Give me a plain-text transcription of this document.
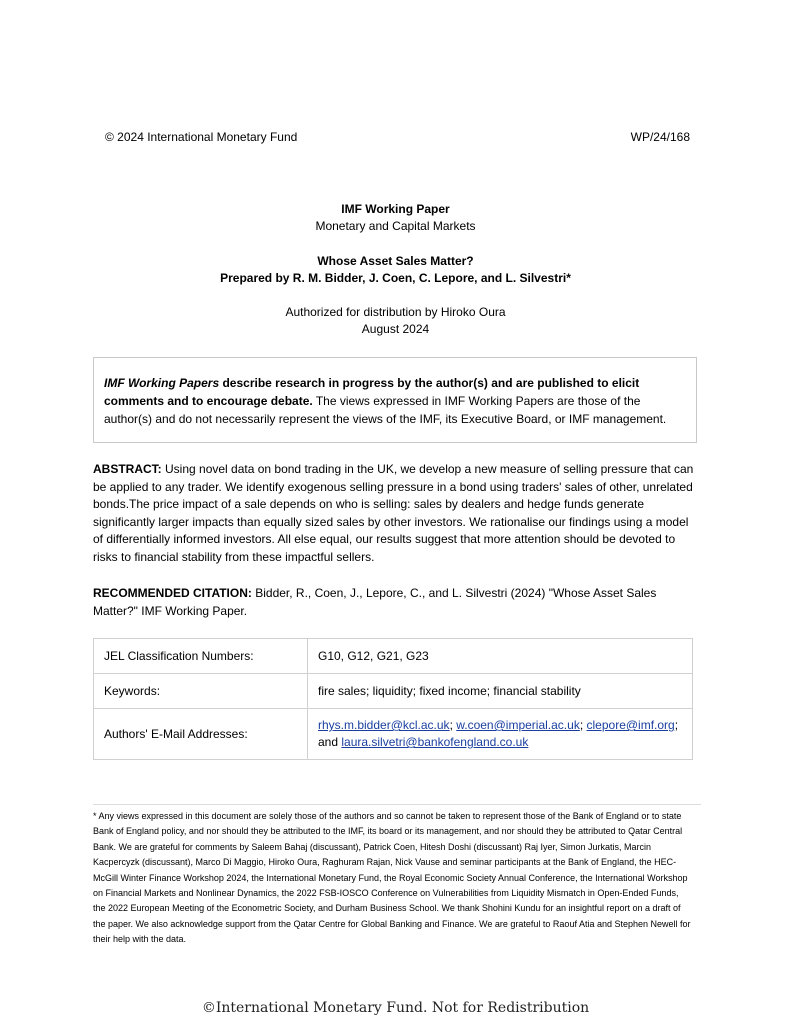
© 2024 International Monetary Fund	WP/24/168
IMF Working Paper
Monetary and Capital Markets
Whose Asset Sales Matter?
Prepared by R. M. Bidder, J. Coen, C. Lepore, and L. Silvestri*
Authorized for distribution by Hiroko Oura
August 2024
IMF Working Papers describe research in progress by the author(s) and are published to elicit comments and to encourage debate. The views expressed in IMF Working Papers are those of the author(s) and do not necessarily represent the views of the IMF, its Executive Board, or IMF management.
ABSTRACT: Using novel data on bond trading in the UK, we develop a new measure of selling pressure that can be applied to any trader. We identify exogenous selling pressure in a bond using traders' sales of other, unrelated bonds.The price impact of a sale depends on who is selling: sales by dealers and hedge funds generate significantly larger impacts than equally sized sales by other investors. We rationalise our findings using a model of differentially informed investors. All else equal, our results suggest that more attention should be devoted to risks to financial stability from these impactful sellers.
RECOMMENDED CITATION: Bidder, R., Coen, J., Lepore, C., and L. Silvestri (2024) "Whose Asset Sales Matter?" IMF Working Paper.
JEL Classification Numbers:	G10, G12, G21, G23
Keywords:	fire sales; liquidity; fixed income; financial stability
Authors' E-Mail Addresses:	rhys.m.bidder@kcl.ac.uk; w.coen@imperial.ac.uk; clepore@imf.org;
and laura.silvetri@bankofengland.co.uk
* Any views expressed in this document are solely those of the authors and so cannot be taken to represent those of the Bank of England or to state Bank of England policy, and nor should they be attributed to the IMF, its board or its management, and nor should they be attributed to Qatar Central Bank. We are grateful for comments by Saleem Bahaj (discussant), Patrick Coen, Hitesh Doshi (discussant) Raj Iyer, Simon Jurkatis, Marcin Kacpercyzk (discussant), Marco Di Maggio, Hiroko Oura, Raghuram Rajan, Nick Vause and seminar participants at the Bank of England, the HEC-McGill Winter Finance Workshop 2024, the International Monetary Fund, the Royal Economic Society Annual Conference, the International Workshop on Financial Markets and Nonlinear Dynamics, the 2022 FSB-IOSCO Conference on Vulnerabilities from Liquidity Mismatch in Open-Ended Funds, the 2022 European Meeting of the Econometric Society, and Durham Business School. We thank Shohini Kundu for an insightful report on a draft of the paper. We also acknowledge support from the Qatar Centre for Global Banking and Finance. We are grateful to Raouf Atia and Stephen Newell for their help with the data.
©International Monetary Fund. Not for Redistribution
